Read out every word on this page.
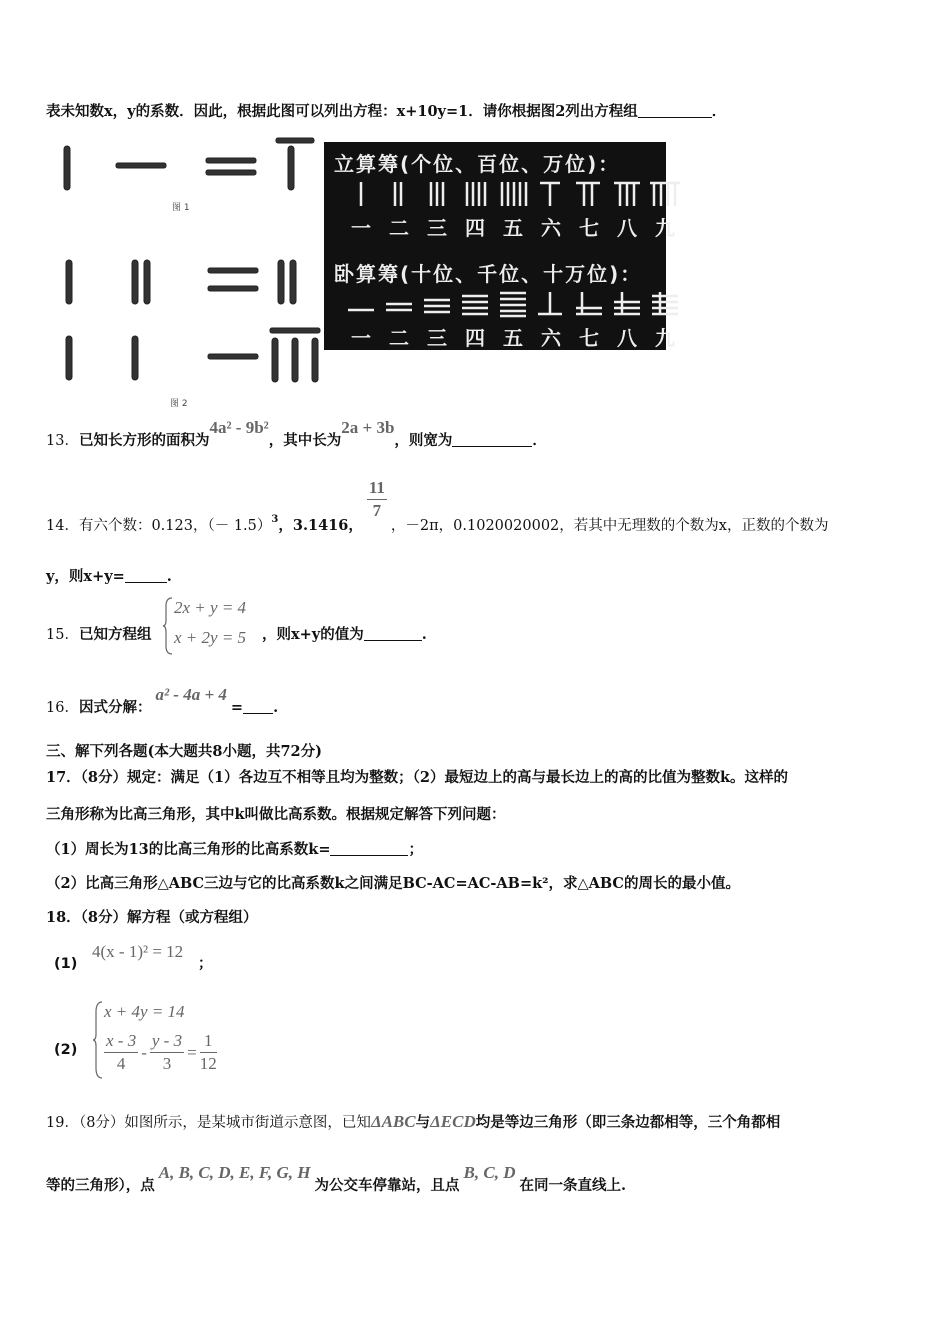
表未知数x，y的系数．因此，根据此图可以列出方程：x+10y=1．请你根据图2列出方程组	．
图 1
图 2
立算筹(个位、百位、万位)：
一 二 三 四 五 六 七 八 九
卧算筹(十位、千位、十万位)：
一 二 三 四 五 六 七 八 九
13．已知长方形的面积为4a² - 9b²，其中长为2a + 3b，则宽为	．
14．有六个数：0.123，（－ $1.5)_3$，3.1416，
$\frac{11}{7}$
，－2π，0.1020020002，若其中无理数的个数为x，正数的个数为
y，则x+y=	.
15．已知方程组
2x + y = 4
x + 2y = 5 ，则x+y的值为	.
16．因式分解：a² - 4a + 4= .
三、解下列各题(本大题共8小题，共72分)
17．（8分）规定：满足（1）各边互不相等且均为整数；（2）最短边上的高与最长边上的高的比值为整数k。这样的
三角形称为比高三角形，其中k叫做比高系数。根据规定解答下列问题：
（1）周长为13的比高三角形的比高系数k=	；
（2）比高三角形△ABC三边与它的比高系数k之间满足BC-AC=AC-AB=k²，求△ABC的周长的最小值。
18．（8分）解方程（或方程组）
(1)
4(x - 1)² = 12
；
(2)
x + 4y = 14
$\frac{x - 3}{4} - \frac{y - 3}{3} = \frac{1}{12}$
19．（8分）如图所示，是某城市街道示意图，已知ΔABC与ΔECD均是等边三角形（即三条边都相等，三个角都相
等的三角形），点A, B, C, D, E, F, G, H为公交车停靠站，且点B, C, D在同一条直线上.
